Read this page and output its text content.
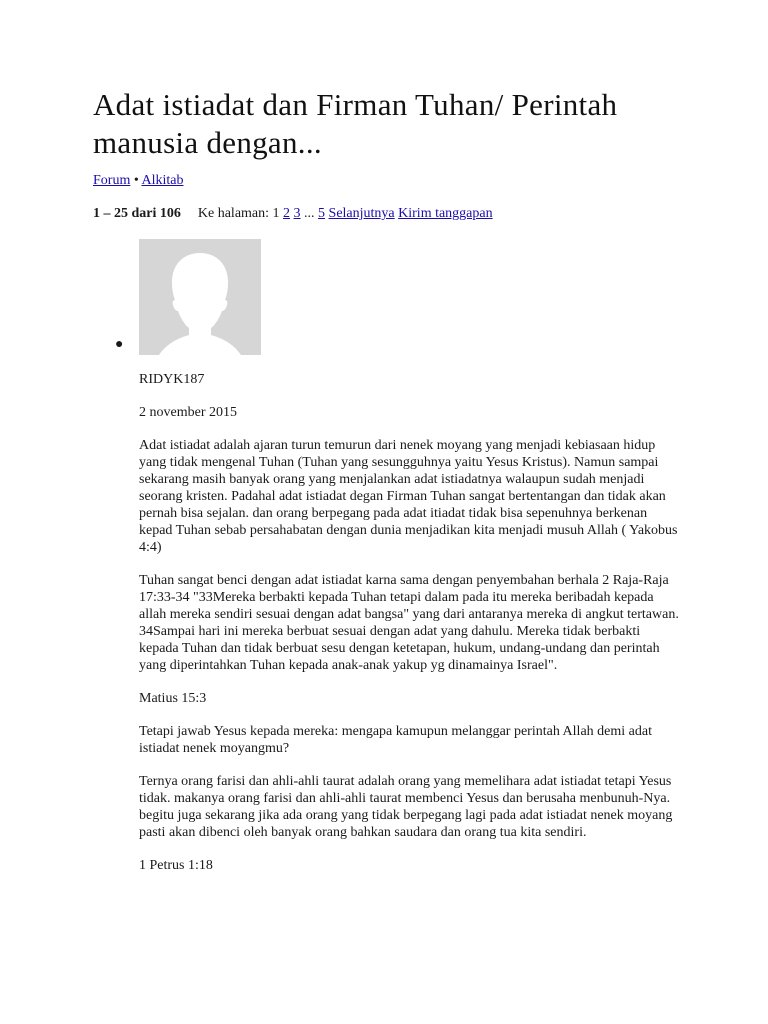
Adat istiadat dan Firman Tuhan/ Perintah manusia dengan...
Forum • Alkitab
1 – 25 dari 106 Ke halaman: 1 2 3 ... 5 Selanjutnya Kirim tanggapan
●

RIDYK187

2 november 2015

Adat istiadat adalah ajaran turun temurun dari nenek moyang yang menjadi kebiasaan hidup yang tidak mengenal Tuhan (Tuhan yang sesungguhnya yaitu Yesus Kristus). Namun sampai sekarang masih banyak orang yang menjalankan adat istiadatnya walaupun sudah menjadi seorang kristen. Padahal adat istiadat degan Firman Tuhan sangat bertentangan dan tidak akan pernah bisa sejalan. dan orang berpegang pada adat itiadat tidak bisa sepenuhnya berkenan kepad Tuhan sebab persahabatan dengan dunia menjadikan kita menjadi musuh Allah ( Yakobus 4:4)

Tuhan sangat benci dengan adat istiadat karna sama dengan penyembahan berhala 2 Raja-Raja 17:33-34 "33Mereka berbakti kepada Tuhan tetapi dalam pada itu mereka beribadah kepada allah mereka sendiri sesuai dengan adat bangsa" yang dari antaranya mereka di angkut tertawan. 34Sampai hari ini mereka berbuat sesuai dengan adat yang dahulu. Mereka tidak berbakti kepada Tuhan dan tidak berbuat sesu dengan ketetapan, hukum, undang-undang dan perintah yang diperintahkan Tuhan kepada anak-anak yakup yg dinamainya Israel".

Matius 15:3

Tetapi jawab Yesus kepada mereka: mengapa kamupun melanggar perintah Allah demi adat istiadat nenek moyangmu?

Ternya orang farisi dan ahli-ahli taurat adalah orang yang memelihara adat istiadat tetapi Yesus tidak. makanya orang farisi dan ahli-ahli taurat membenci Yesus dan berusaha menbunuh-Nya. begitu juga sekarang jika ada orang yang tidak berpegang lagi pada adat istiadat nenek moyang pasti akan dibenci oleh banyak orang bahkan saudara dan orang tua kita sendiri.

1 Petrus 1:18
